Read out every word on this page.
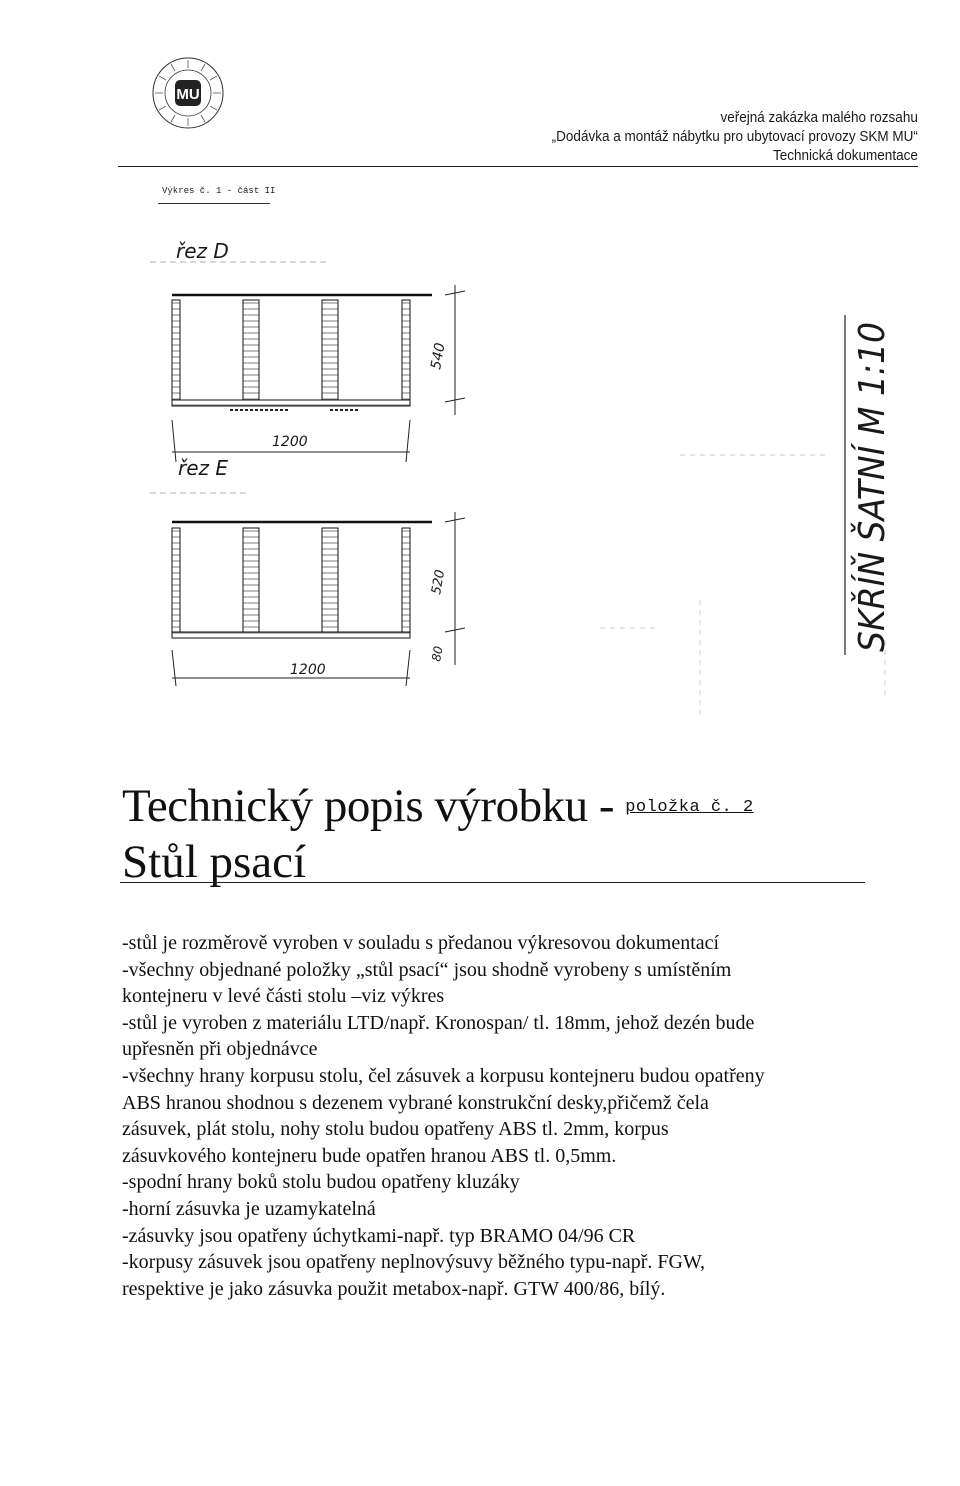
MU
veřejná zakázka malého rozsahu
„Dodávka a montáž nábytku pro ubytovací provozy SKM MU“
Technická dokumentace
Výkres č. 1 - část II
řez D
1200
540
řez E
1200
520
80
SKŘÍŇ ŠATNÍ M 1:10
Technický popis výrobku - $^{položka č. 2}$
Stůl psací

-stůl je rozměrově vyroben v souladu s předanou výkresovou dokumentací

-všechny objednané položky „stůl psací“ jsou shodně vyrobeny s umístěním

kontejneru v levé části stolu –viz výkres

-stůl je vyroben z materiálu LTD/např. Kronospan/ tl. 18mm, jehož dezén bude

upřesněn při objednávce

-všechny hrany korpusu stolu, čel zásuvek a korpusu kontejneru budou opatřeny

ABS hranou shodnou s dezenem vybrané konstrukční desky,přičemž čela

zásuvek, plát stolu, nohy stolu budou opatřeny ABS tl. 2mm, korpus

zásuvkového kontejneru bude opatřen hranou ABS tl. 0,5mm.

-spodní hrany boků stolu budou opatřeny kluzáky

-horní zásuvka je uzamykatelná

-zásuvky jsou opatřeny úchytkami-např. typ BRAMO 04/96 CR

-korpusy zásuvek jsou opatřeny neplnovýsuvy běžného typu-např. FGW,

respektive je jako zásuvka použit metabox-např. GTW 400/86, bílý.
